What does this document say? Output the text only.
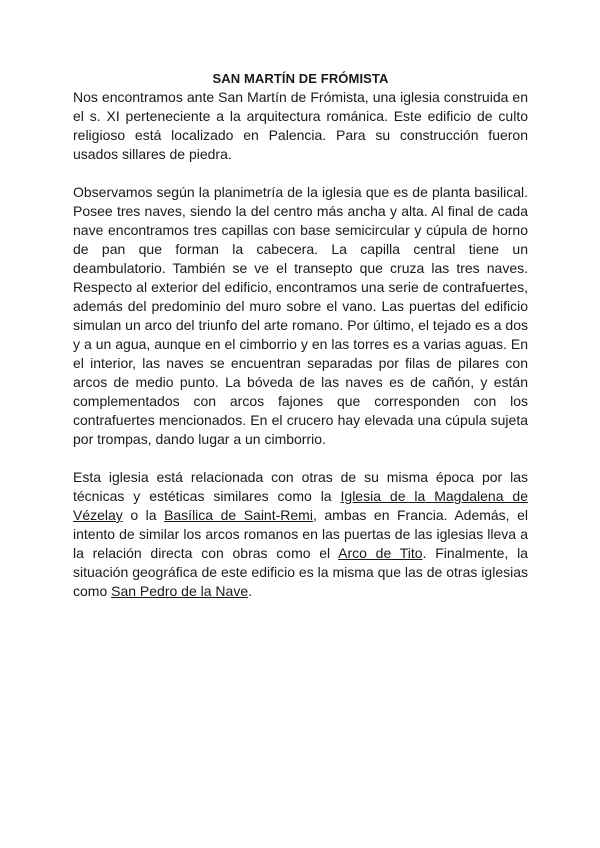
SAN MARTÍN DE FRÓMISTA

Nos encontramos ante San Martín de Frómista, una iglesia construida en el s. XI perteneciente a la arquitectura románica. Este edificio de culto religioso está localizado en Palencia. Para su construcción fueron usados sillares de piedra.

Observamos según la planimetría de la iglesia que es de planta basilical. Posee tres naves, siendo la del centro más ancha y alta. Al final de cada nave encontramos tres capillas con base semicircular y cúpula de horno de pan que forman la cabecera. La capilla central tiene un deambulatorio. También se ve el transepto que cruza las tres naves. Respecto al exterior del edificio, encontramos una serie de contrafuertes, además del predominio del muro sobre el vano. Las puertas del edificio simulan un arco del triunfo del arte romano. Por último, el tejado es a dos y a un agua, aunque en el cimborrio y en las torres es a varias aguas. En el interior, las naves se encuentran separadas por filas de pilares con arcos de medio punto. La bóveda de las naves es de cañón, y están complementados con arcos fajones que corresponden con los contrafuertes mencionados. En el crucero hay elevada una cúpula sujeta por trompas, dando lugar a un cimborrio.

Esta iglesia está relacionada con otras de su misma época por las técnicas y estéticas similares como la Iglesia de la Magdalena de Vézelay o la Basílica de Saint-Remi, ambas en Francia. Además, el intento de similar los arcos romanos en las puertas de las iglesias lleva a la relación directa con obras como el Arco de Tito. Finalmente, la situación geográfica de este edificio es la misma que las de otras iglesias como San Pedro de la Nave.
